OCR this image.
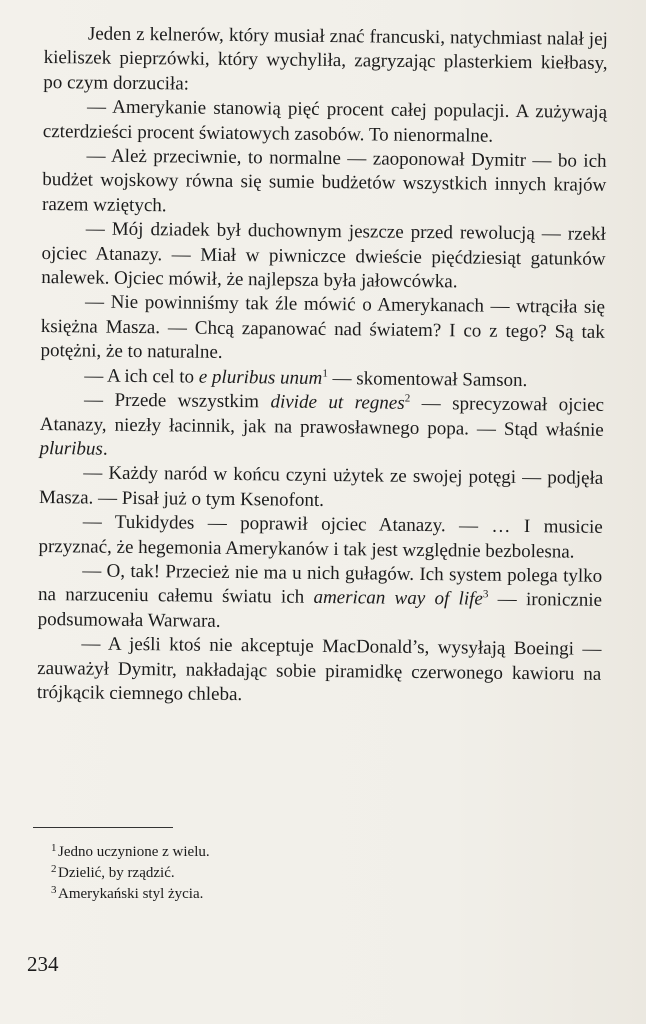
Jeden z kelnerów, który musiał znać francuski, natychmiast nalał jej kieliszek pieprzówki, który wychyliła, zagryzając plasterkiem kiełbasy, po czym dorzuciła:

— Amerykanie stanowią pięć procent całej populacji. A zużywają czterdzieści procent światowych zasobów. To nienormalne.

— Ależ przeciwnie, to normalne — zaoponował Dymitr — bo ich budżet wojskowy równa się sumie budżetów wszystkich innych krajów razem wziętych.

— Mój dziadek był duchownym jeszcze przed rewolucją — rzekł ojciec Atanazy. — Miał w piwniczce dwieście pięćdziesiąt gatunków nalewek. Ojciec mówił, że najlepsza była jałowcówka.

— Nie powinniśmy tak źle mówić o Amerykanach — wtrąciła się księżna Masza. — Chcą zapanować nad światem? I co z tego? Są tak potężni, że to naturalne.

— A ich cel to e pluribus unum$^1$ — skomentował Samson.

— Przede wszystkim divide ut regnes$^2$ — sprecyzował ojciec Atanazy, niezły łacinnik, jak na prawosławnego popa. — Stąd właśnie pluribus.

— Każdy naród w końcu czyni użytek ze swojej potęgi — podjęła Masza. — Pisał już o tym Ksenofont.

— Tukidydes — poprawił ojciec Atanazy. — … I musicie przyznać, że hegemonia Amerykanów i tak jest względnie bezbolesna.

— O, tak! Przecież nie ma u nich gułagów. Ich system polega tylko na narzuceniu całemu światu ich american way of life$^3$ — ironicznie podsumowała Warwara.

— A jeśli ktoś nie akceptuje MacDonald’s, wysyłają Boeingi — zauważył Dymitr, nakładając sobie piramidkę czerwonego kawioru na trójkącik ciemnego chleba.

1 Jedno uczynione z wielu.
2 Dzielić, by rządzić.
3 Amerykański styl życia.
234
